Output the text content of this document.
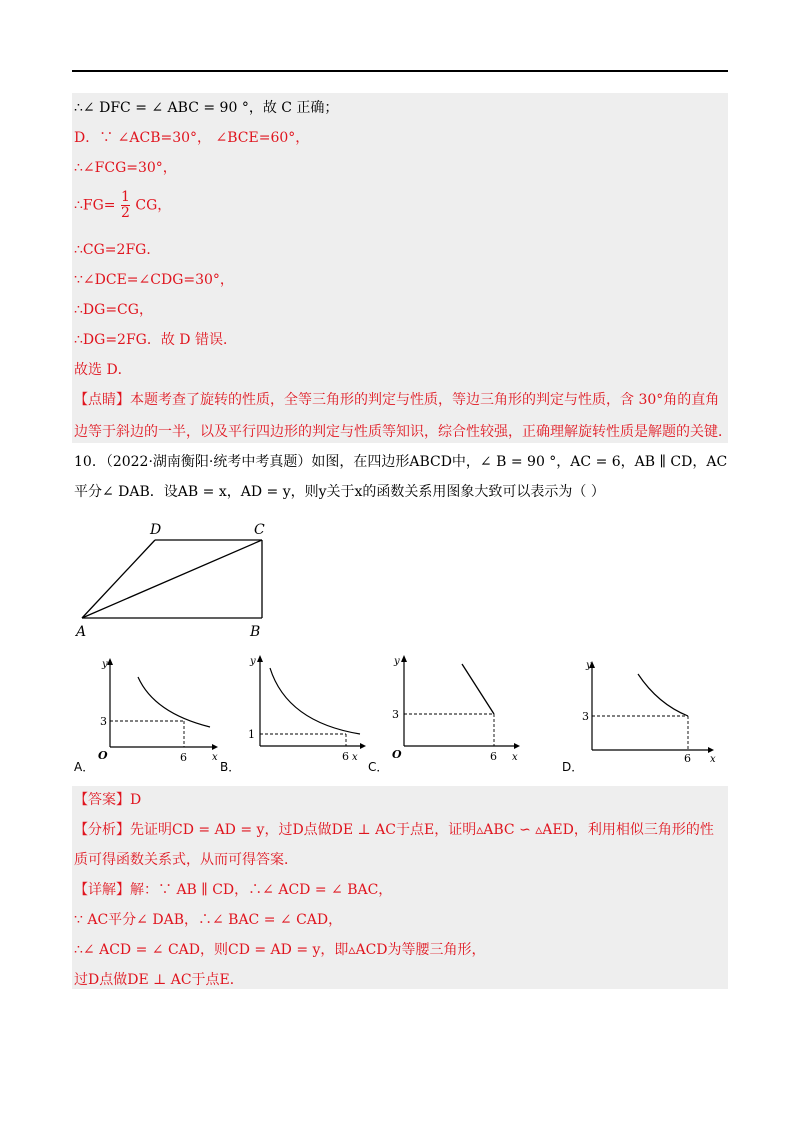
∴∠ DFC = ∠ ABC = 90 °，故 C 正确；
D．∵ ∠ACB=30°， ∠BCE=60°，
∴∠FCG=30°，
∴FG= $\frac{1}{2}$ CG，
∴CG=2FG．
∵∠DCE=∠CDG=30°，
∴DG=CG，
∴DG=2FG．故 D 错误．
故选 D．
【点睛】本题考查了旋转的性质，全等三角形的判定与性质，等边三角形的判定与性质，含 30°角的直角
边等于斜边的一半，以及平行四边形的判定与性质等知识，综合性较强，正确理解旋转性质是解题的关键．
10．（2022·湖南衡阳·统考中考真题）如图，在四边形ABCD中，∠ B = 90 °，AC = 6，AB ∥ CD，AC
平分∠ DAB．设AB = x，AD = y，则y关于x的函数关系用图象大致可以表示为（ ）
D	C
A	B
y
x
O
3
6
A．
y
x
1
6
B．
y
x
O
3
6
C．
y
x
3
6
D．
【答案】D
【分析】先证明CD = AD = y，过D点做DE ⊥ AC于点E，证明▵ABC ∽ ▵AED，利用相似三角形的性
质可得函数关系式，从而可得答案．
【详解】解：∵ AB ∥ CD，∴∠ ACD = ∠ BAC，
∵ AC平分∠ DAB，∴∠ BAC = ∠ CAD，
∴∠ ACD = ∠ CAD，则CD = AD = y，即▵ACD为等腰三角形，
过D点做DE ⊥ AC于点E．
